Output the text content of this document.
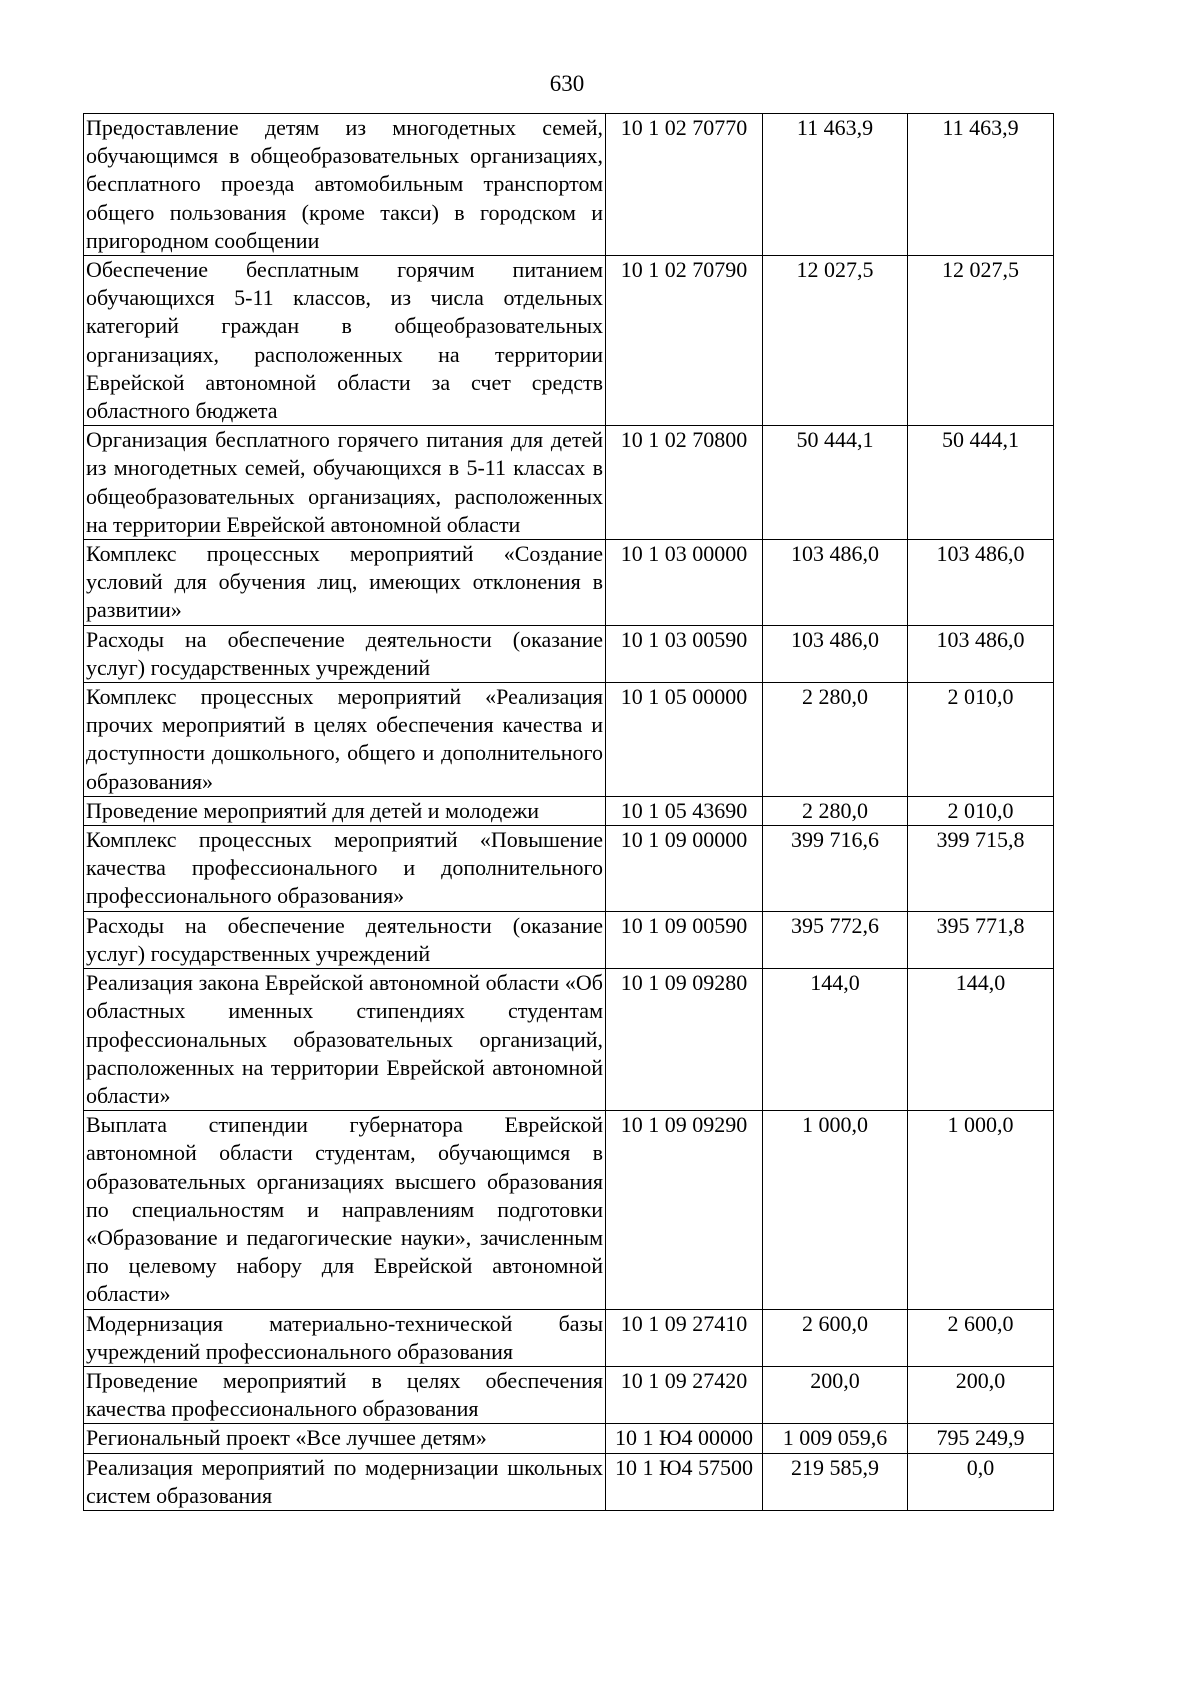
630
Предоставление детям из многодетных семей, обучающимся в общеобразовательных организациях, бесплатного проезда автомобильным транспортом общего пользования (кроме такси) в городском и пригородном сообщении	10 1 02 70770	11 463,9	11 463,9
Обеспечение бесплатным горячим питанием обучающихся 5-11 классов, из числа отдельных категорий граждан в общеобразовательных организациях, расположенных на территории Еврейской автономной области за счет средств областного бюджета	10 1 02 70790	12 027,5	12 027,5
Организация бесплатного горячего питания для детей из многодетных семей, обучающихся в 5-11 классах в общеобразовательных организациях, расположенных на территории Еврейской автономной области	10 1 02 70800	50 444,1	50 444,1
Комплекс процессных мероприятий «Создание условий для обучения лиц, имеющих отклонения в развитии»	10 1 03 00000	103 486,0	103 486,0
Расходы на обеспечение деятельности (оказание услуг) государственных учреждений	10 1 03 00590	103 486,0	103 486,0
Комплекс процессных мероприятий «Реализация прочих мероприятий в целях обеспечения качества и доступности дошкольного, общего и дополнительного образования»	10 1 05 00000	2 280,0	2 010,0
Проведение мероприятий для детей и молодежи	10 1 05 43690	2 280,0	2 010,0
Комплекс процессных мероприятий «Повышение качества профессионального и дополнительного профессионального образования»	10 1 09 00000	399 716,6	399 715,8
Расходы на обеспечение деятельности (оказание услуг) государственных учреждений	10 1 09 00590	395 772,6	395 771,8
Реализация закона Еврейской автономной области «Об областных именных стипендиях студентам профессиональных образовательных организаций, расположенных на территории Еврейской автономной области»	10 1 09 09280	144,0	144,0
Выплата стипендии губернатора Еврейской автономной области студентам, обучающимся в образовательных организациях высшего образования по специальностям и направлениям подготовки «Образование и педагогические науки», зачисленным по целевому набору для Еврейской автономной области»	10 1 09 09290	1 000,0	1 000,0
Модернизация материально-технической базы учреждений профессионального образования	10 1 09 27410	2 600,0	2 600,0
Проведение мероприятий в целях обеспечения качества профессионального образования	10 1 09 27420	200,0	200,0
Региональный проект «Все лучшее детям»	10 1 Ю4 00000	1 009 059,6	795 249,9
Реализация мероприятий по модернизации школьных систем образования	10 1 Ю4 57500	219 585,9	0,0
